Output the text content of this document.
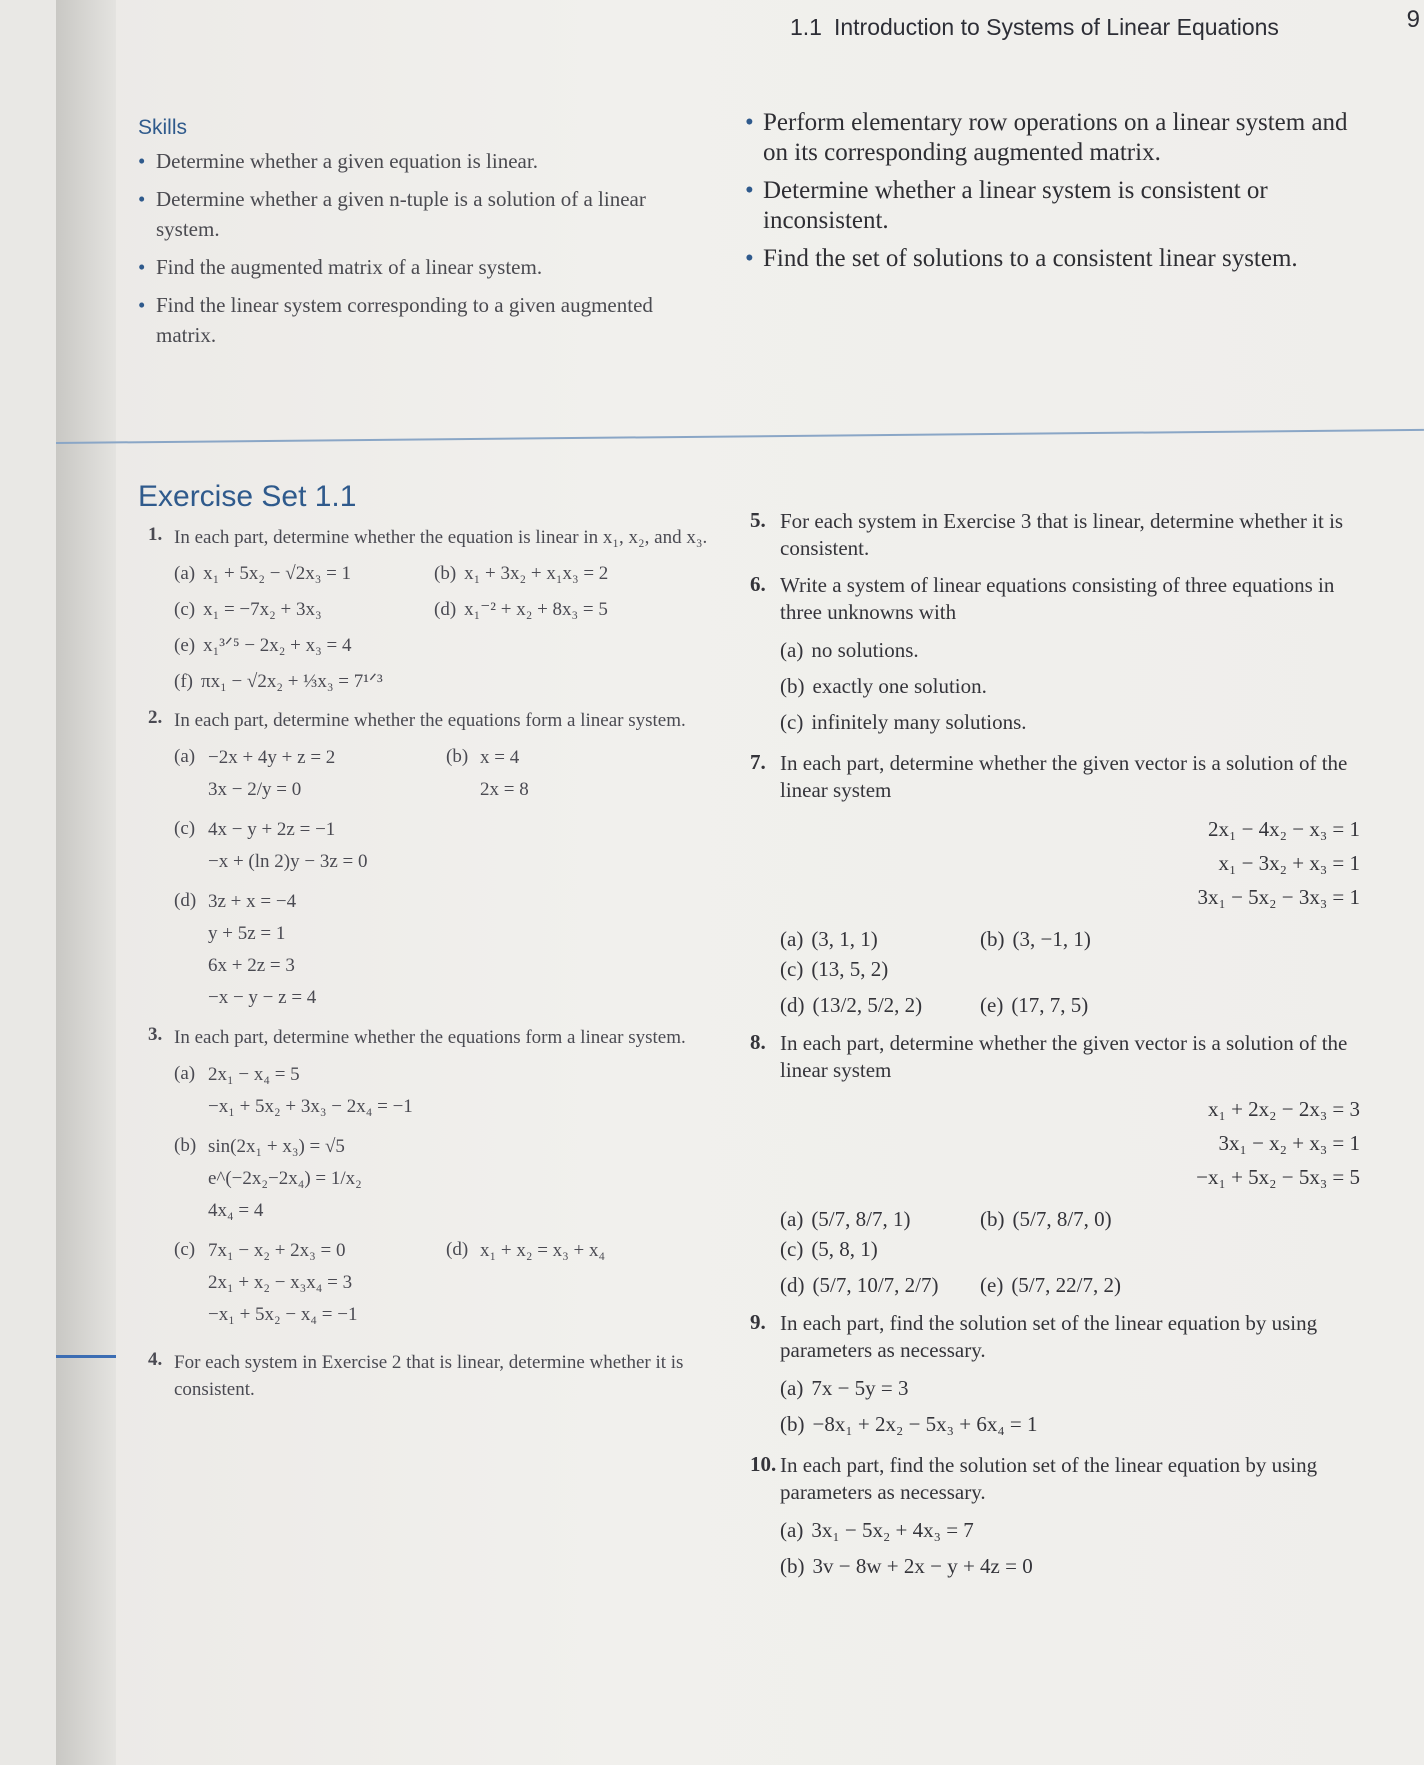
1.1 Introduction to Systems of Linear Equations	9
Skills
• Determine whether a given equation is linear.
• Determine whether a given n-tuple is a solution of a linear system.
• Find the augmented matrix of a linear system.
• Find the linear system corresponding to a given augmented matrix.
• Perform elementary row operations on a linear system and on its corresponding augmented matrix.
• Determine whether a linear system is consistent or inconsistent.
• Find the set of solutions to a consistent linear system.
Exercise Set 1.1
1. In each part, determine whether the equation is linear in x₁, x₂, and x₃.
(a) x₁ + 5x₂ − √2x₃ = 1	(b) x₁ + 3x₂ + x₁x₃ = 2
(c) x₁ = −7x₂ + 3x₃	(d) x₁⁻² + x₂ + 8x₃ = 5
(e) x₁³ᐟ⁵ − 2x₂ + x₃ = 4
(f) πx₁ − √2x₂ + ⅓x₃ = 7¹ᐟ³
2. In each part, determine whether the equations form a linear system.
(a) −2x + 4y + z = 2
3x − 2/y = 0
(b) x = 4
2x = 8
(c) 4x − y + 2z = −1
−x + (ln 2)y − 3z = 0
(d) 3z + x = −4
y + 5z = 1
6x + 2z = 3
−x − y − z = 4
3. In each part, determine whether the equations form a linear system.
(a) 2x₁ − x₄ = 5
−x₁ + 5x₂ + 3x₃ − 2x₄ = −1
(b) sin(2x₁ + x₃) = √5
e^(−2x₂−2x₄) = 1/x₂
4x₄ = 4
(c) 7x₁ − x₂ + 2x₃ = 0
2x₁ + x₂ − x₃x₄ = 3
−x₁ + 5x₂ − x₄ = −1
(d) x₁ + x₂ = x₃ + x₄
4. For each system in Exercise 2 that is linear, determine whether it is consistent.
5. For each system in Exercise 3 that is linear, determine whether it is consistent.
6. Write a system of linear equations consisting of three equations in three unknowns with
(a) no solutions.
(b) exactly one solution.
(c) infinitely many solutions.
7. In each part, determine whether the given vector is a solution of the linear system
2x₁ − 4x₂ − x₃ = 1
x₁ − 3x₂ + x₃ = 1
3x₁ − 5x₂ − 3x₃ = 1
(a) (3, 1, 1)	(b) (3, −1, 1)
(c) (13, 5, 2)
(d) (13/2, 5/2, 2)	(e) (17, 7, 5)
8. In each part, determine whether the given vector is a solution of the linear system
x₁ + 2x₂ − 2x₃ = 3
3x₁ − x₂ + x₃ = 1
−x₁ + 5x₂ − 5x₃ = 5
(a) (5/7, 8/7, 1)	(b) (5/7, 8/7, 0)
(c) (5, 8, 1)
(d) (5/7, 10/7, 2/7)	(e) (5/7, 22/7, 2)
9. In each part, find the solution set of the linear equation by using parameters as necessary.
(a) 7x − 5y = 3
(b) −8x₁ + 2x₂ − 5x₃ + 6x₄ = 1
10. In each part, find the solution set of the linear equation by using parameters as necessary.
(a) 3x₁ − 5x₂ + 4x₃ = 7
(b) 3v − 8w + 2x − y + 4z = 0
